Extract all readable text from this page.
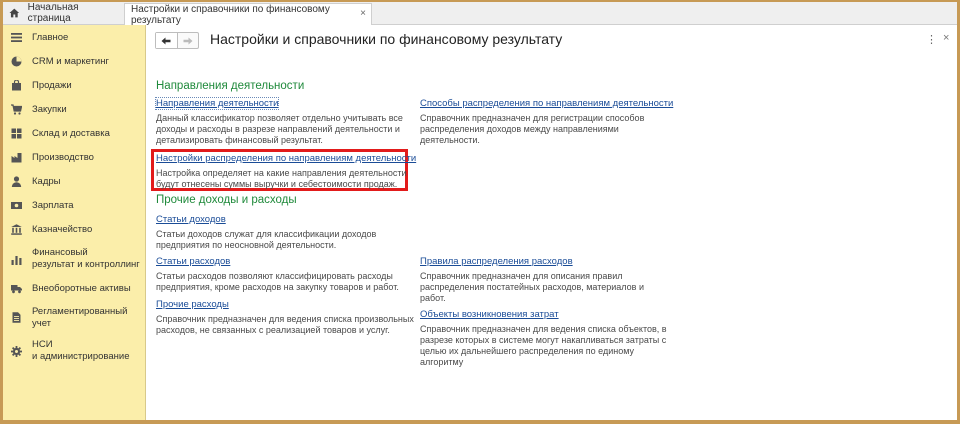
Начальная страница
Настройки и справочники по финансовому результату
×
Главное
CRM и маркетинг
Продажи
Закупки
Склад и доставка
Производство
Кадры
Зарплата
Казначейство
Финансовый
результат и контроллинг
Внеоборотные активы
Регламентированный
учет
НСИ
и администрирование
Настройки и справочники по финансовому результату	⋮ ×
Направления деятельности
Направления деятельности
Данный классификатор позволяет отдельно учитывать все
доходы и расходы в разрезе направлений деятельности и
детализировать финансовый результат.
Способы распределения по направлениям деятельности
Справочник предназначен для регистрации способов
распределения доходов между направлениями
деятельности.
Настройки распределения по направлениям деятельности
Настройка определяет на какие направления деятельности
будут отнесены суммы выручки и себестоимости продаж.
Прочие доходы и расходы
Статьи доходов
Статьи доходов служат для классификации доходов
предприятия по неосновной деятельности.
Статьи расходов
Статьи расходов позволяют классифицировать расходы
предприятия, кроме расходов на закупку товаров и работ.
Прочие расходы
Справочник предназначен для ведения списка произвольных
расходов, не связанных с реализацией товаров и услуг.
Правила распределения расходов
Справочник предназначен для описания правил
распределения постатейных расходов, материалов и
работ.
Объекты возникновения затрат
Справочник предназначен для ведения списка объектов, в
разрезе которых в системе могут накапливаться затраты с
целью их дальнейшего распределения по единому
алгоритму
